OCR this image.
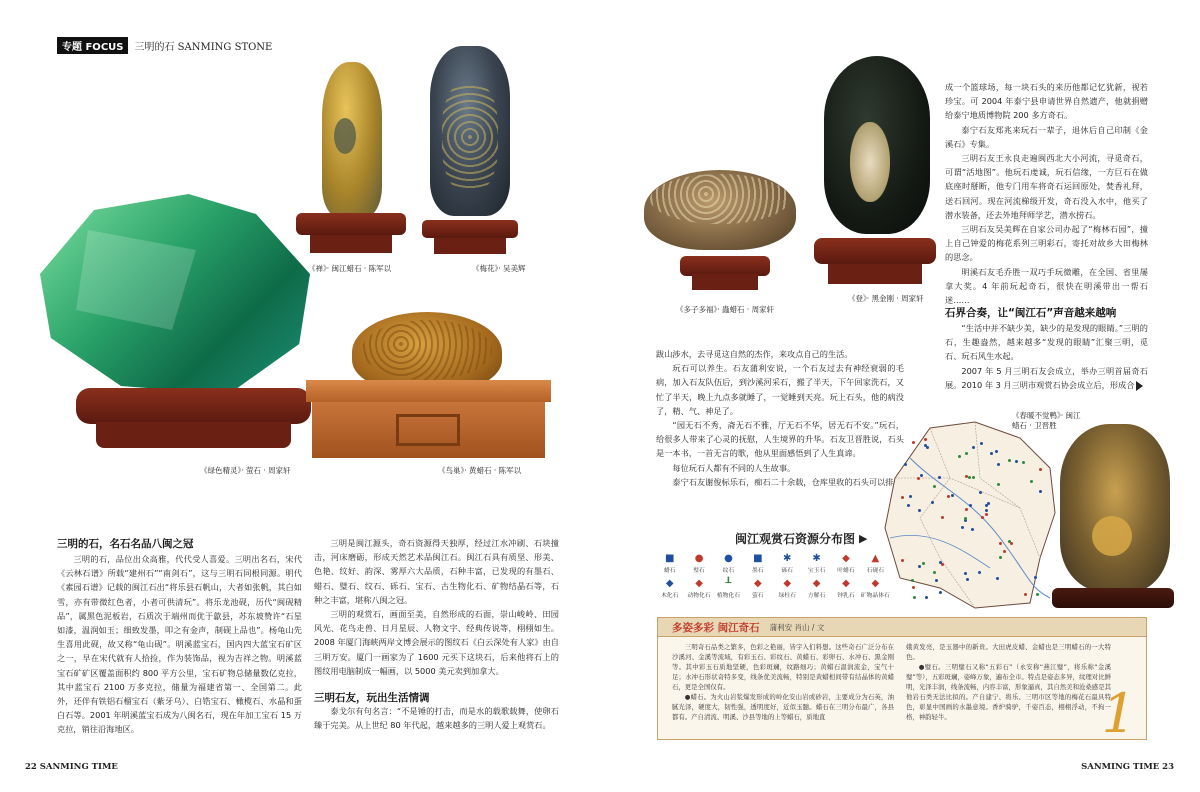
专题 FOCUS	三明的石 SANMING STONE
《禅》· 闽江蜡石 · 陈军以	《梅花》· 吴美辉
《绿色精灵》· 萤石 · 周家轩	《鸟巢》· 黄蜡石 · 陈军以
《多子多福》· 蟲蜡石 · 周家轩
《登》· 黑金刚 · 周家轩
《春暖不觉鸭》· 闽江蜡石 · 卫晋胜
三明的石，名石名品八闽之冠

三明的石，品位出众高雅，代代受人喜爱。三明出名石，宋代《云林石谱》所载“建州石”“南剑石”，这与三明石同根同源。明代《素园石谱》记载的闽江石出“将乐县石帆山，大者如张帆，其白如雪，亦有带微红色者，小者可供清玩”。将乐龙池砚，历代“闽砚精品”，属黑色泥板岩，石质次于端州而优于歙县，苏东坡赞许“石星如漆，温润如玉；细致发墨，叩之有金声，制砚上品也”。杨龟山先生喜用此砚，故又称“龟山砚”。明溪蓝宝石，国内四大蓝宝石矿区之一，早在宋代就有人拾捡，作为装饰品，视为吉祥之物。明溪蓝宝石矿矿区覆盖面积约 800 平方公里，宝石矿物总储量数亿克拉，其中蓝宝石 2100 万多克拉，储量为福建省第一、全国第二。此外，还伴有铁铝石榴宝石（紫牙乌）、白锆宝石、橄榄石、水晶和蛋白石等。2001 年明溪蓝宝石成为八闽名石，现在年加工宝石 15 万克拉，销往沿海地区。

三明是闽江源头，奇石资源得天独厚，经过江水冲刷、石块撞击，河床磨砺，形成天然艺术品闽江石。闽江石具有质坚、形美、色艳、纹好、韵深、雾厚六大品质，石种丰富，已发现的有墨石、蜡石、璧石、纹石、砾石、宝石、古生物化石、矿物结晶石等，石种之丰富，堪称八闽之冠。

三明的观赏石，画面至美，自然形成的石面，崇山峻岭、田园风光、花鸟走兽、日月星辰、人物文字、经典传说等，栩栩如生。2008 年厦门海峡两岸文博会展示的图纹石《白云深处有人家》由自三明万安。厦门一画家为了 1600 元买下这块石，后来他将石上的图纹用电脑制成一幅画，以 5000 美元卖到加拿大。

三明石友，玩出生活情调

泰戈尔有句名言：“不是锤的打击，而是水的载歌载舞，使卵石臻于完美。从上世纪 80 年代起，越来越多的三明人爱上观赏石。

跋山涉水，去寻觅这自然的杰作，来攻点自己的生活。

玩石可以养生。石友蒲利安说，一个石友过去有神经衰弱的毛病，加入石友队伍后，到沙溪河采石，搬了半天，下午回家洗石，又忙了半天，晚上九点多就睡了，一觉睡到天亮。玩上石头，他的病没了，精、气、神足了。

“园无石不秀，斋无石不雅，厅无石不华，居无石不安。”玩石，给很多人带来了心灵的抚慰，人生境界的升华。石友卫晋胜说，石头是一本书，一首无言的歌，他从里面感悟到了人生真谛。

每位玩石人都有不同的人生故事。

泰宁石友谢俊标乐石，痴石二十余载，仓库里收的石头可以排

成一个篮球场，每一块石头的来历他都记忆犹新，视若珍宝。可 2004 年泰宁县申请世界自然遗产，他就捐赠给泰宁地质博物院 200 多方奇石。

泰宁石友郑兆来玩石一辈子，退休后自己印制《金溪石》专集。

三明石友王永良走遍闽西北大小河流，寻觅奇石，可谓“活地图”。他玩石虔诚，玩石信缘，一方巨石在做底座时掰断，他专门用车将奇石运回原处，焚香礼拜，送石回河。现在河流梯级开发，奇石没入水中，他买了潜水装备，还去外地拜师学艺，潜水捞石。

三明石友吴美辉在自家公司办起了“梅林石园”，撞上自己钟爱的梅花系列三明彩石，寄托对故乡大田梅林的思念。

明溪石友毛乔胜一双巧手玩微雕，在全国、省里屡拿大奖。4 年前玩起奇石，很快在明溪带出一帮石迷……

石界合奏，让“闽江石”声音越来越响

“生活中并不缺少美，缺少的是发现的眼睛。”三明的石，生趣盎然，越来越多“发现的眼睛”汇聚三明，觅石、玩石风生水起。

2007 年 5 月三明石友会成立，举办三明首届奇石展。2010 年 3 月三明市观赏石协会成立后，形成合

闽江观赏石资源分布图 ▶
■
蜡石
●
璧石
●
纹石
■
墨石
✱
砾石
✱
宝玉石
◆
叶蜡石
▲
石砚石
◆
木化石
◆
动物化石
┸
植物化石
◆
萤石
◆
绿柱石
◆
方解石
◆
钟乳石
◆
矿物晶体石
多姿多彩 闽江奇石 蒲利安 肖山 / 文

三明奇石品类之繁多，色彩之艳丽，皆宇入们料想。这些奇石广泛分布在沙溪河、金溪等流域，有彩玉石、彩纹石、黄蜡石、彩卵石、水冲石、黑金刚等。其中彩玉石质地坚硬，色彩斑斓，纹路细巧；黄蜡石温润流金，宝气十足；水冲石形状奇特多变，线条优美流畅，特别是黄蜡相间带有结晶体的黄蜡石，更是全国仅有。

●蜡石。为火山岩浆爆发形成的岭化安山岩或砂岩，主要成分为石英，油腻光泽，硬度大，韧性强，透明度好，近似玉髓。蜡石在三明分布最广，各县都有。产自清流、明溪、沙县等地的上等蜡石，质地直

娥黄发亮，是玉器中的新贵。大田虎皮蜡、金蜡也是三明蜡石的一大特色。

●璧石。三明璧石又称“五彩石”（永安称“燕江璧”，将乐称“金溪璧”等），五彩斑斓，姿峰万象，遍布全市。特点是姿态多异，纹理对比鲜明，光泽丰润，线条流畅，内容丰富，形象逼真，其自然美和沧桑感是其他岩石类无法比拟的。产自建宁、将乐、三明市区等地的梅花石最具特色，彰显中国画的水墨意境。香炉骑驴，千姿百态，栩栩浮动，不拘一格，神韵轻牛。	1
22 SANMING TIME	SANMING TIME 23
